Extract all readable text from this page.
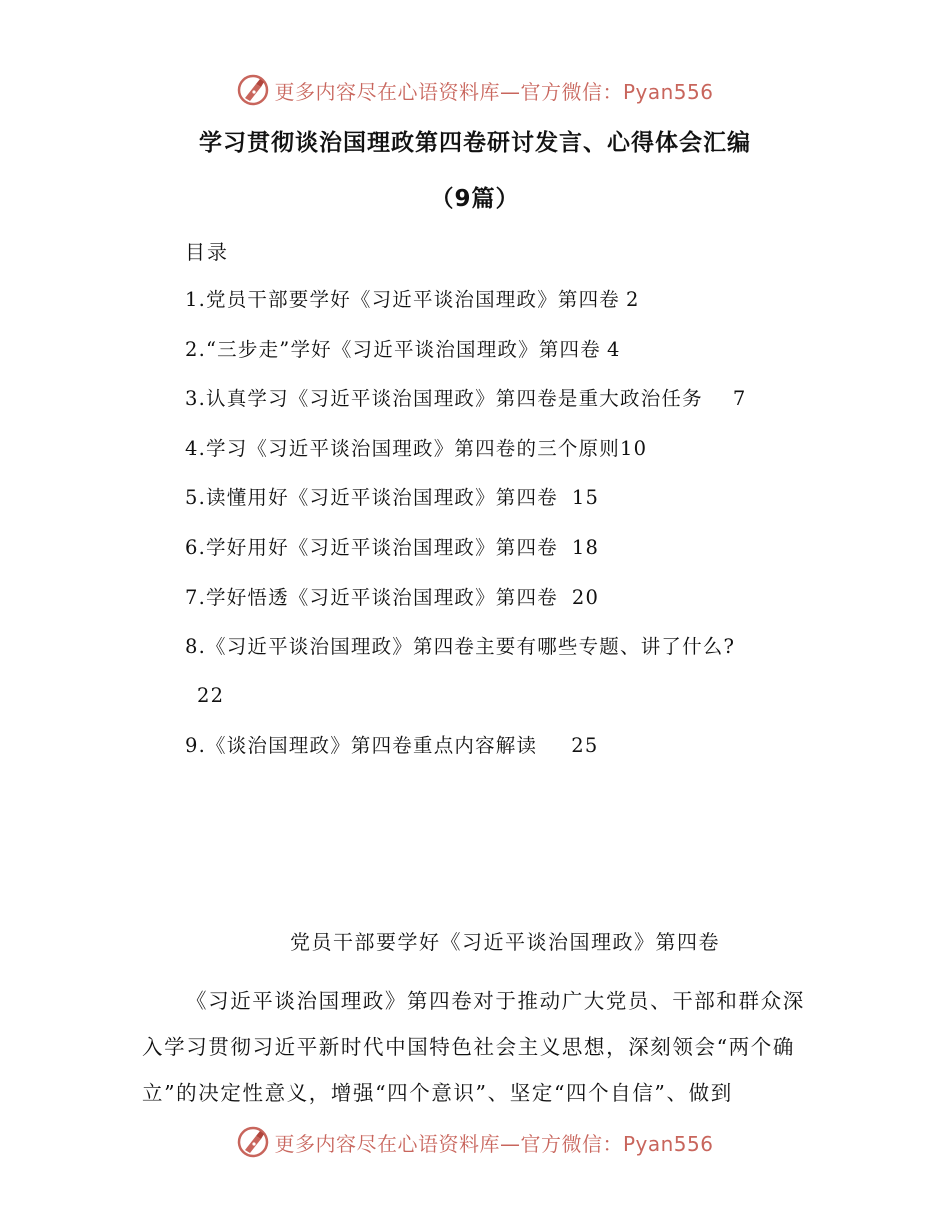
更多内容尽在心语资料库—官方微信：Pyan556
学习贯彻谈治国理政第四卷研讨发言、心得体会汇编
（9篇）
目录
1.党员干部要学好《习近平谈治国理政》第四卷 2
2.“三步走”学好《习近平谈治国理政》第四卷 4
3.认真学习《习近平谈治国理政》第四卷是重大政治任务 7
4.学习《习近平谈治国理政》第四卷的三个原则 10
5.读懂用好《习近平谈治国理政》第四卷 15
6.学好用好《习近平谈治国理政》第四卷 18
7.学好悟透《习近平谈治国理政》第四卷 20
8.《习近平谈治国理政》第四卷主要有哪些专题、讲了什么?
22
9.《谈治国理政》第四卷重点内容解读 25
党员干部要学好《习近平谈治国理政》第四卷

《习近平谈治国理政》第四卷对于推动广大党员、干部和群众深入学习贯彻习近平新时代中国特色社会主义思想，深刻领会“两个确立”的决定性意义，增强“四个意识”、坚定“四个自信”、做到

更多内容尽在心语资料库—官方微信：Pyan556
